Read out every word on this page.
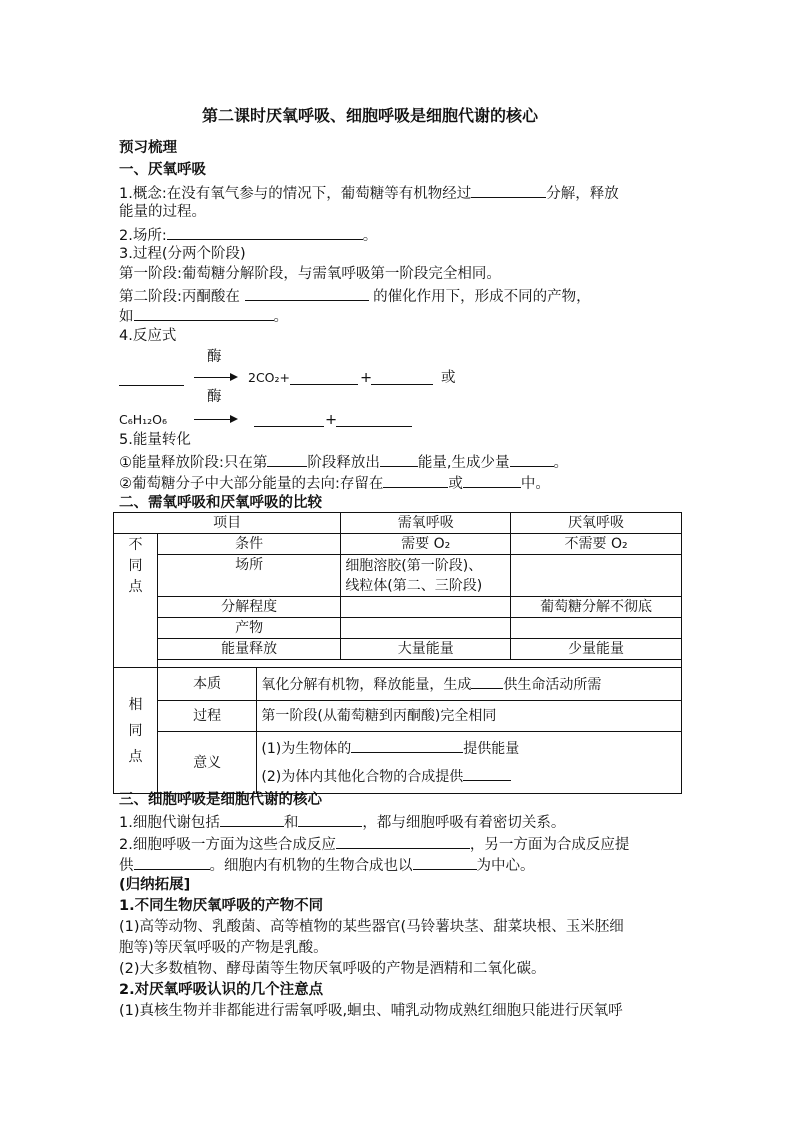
第二课时厌氧呼吸、细胞呼吸是细胞代谢的核心
预习梳理
一、厌氧呼吸
1.概念:在没有氧气参与的情况下，葡萄糖等有机物经过	分解，释放
能量的过程。
2.场所:	。
3.过程(分两个阶段)
第一阶段:葡萄糖分解阶段，与需氧呼吸第一阶段完全相同。
第二阶段:丙酮酸在	的催化作用下，形成不同的产物，
如	。
4.反应式
酶
2CO₂+	+	或
酶
C₆H₁₂O₆	+
5.能量转化
①能量释放阶段:只在第	阶段释放出	能量,生成少量	。
②葡萄糖分子中大部分能量的去向:存留在	或	中。
二、需氧呼吸和厌氧呼吸的比较
项目			需氧呼吸	厌氧呼吸
不同点	条件		需要 O₂	不需要 O₂
	场所		细胞溶胶(第一阶段)、
线粒体(第二、三阶段)	

	分解程度			葡萄糖分解不彻底
	产物			
	能量释放		大量能量	少量能量

相同点	本质	氧化分解有机物，释放能量，生成 供生命活动所需		
	过程	第一阶段(从葡萄糖到丙酮酸)完全相同		
	意义	(1)为生物体的 提供能量
(2)为体内其他化合物的合成提供		
三、细胞呼吸是细胞代谢的核心
1.细胞代谢包括	和	，都与细胞呼吸有着密切关系。
2.细胞呼吸一方面为这些合成反应	，另一方面为合成反应提
供	。细胞内有机物的生物合成也以	为中心。
(归纳拓展]
1.不同生物厌氧呼吸的产物不同
(1)高等动物、乳酸菌、高等植物的某些器官(马铃薯块茎、甜菜块根、玉米胚细
胞等)等厌氧呼吸的产物是乳酸。
(2)大多数植物、酵母菌等生物厌氧呼吸的产物是酒精和二氧化碳。
2.对厌氧呼吸认识的几个注意点
(1)真核生物并非都能进行需氧呼吸,蛔虫、哺乳动物成熟红细胞只能进行厌氧呼
